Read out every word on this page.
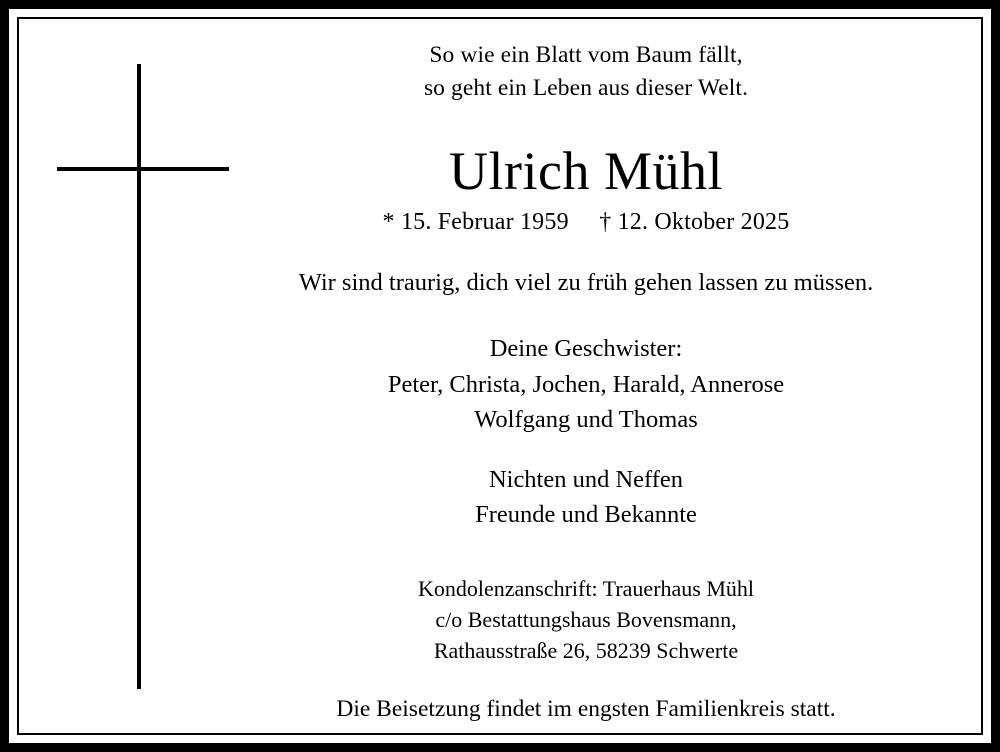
So wie ein Blatt vom Baum fällt,
so geht ein Leben aus dieser Welt.
Ulrich Mühl
* 15. Februar 1959 † 12. Oktober 2025
Wir sind traurig, dich viel zu früh gehen lassen zu müssen.
Deine Geschwister:
Peter, Christa, Jochen, Harald, Annerose
Wolfgang und Thomas
Nichten und Neffen
Freunde und Bekannte
Kondolenzanschrift: Trauerhaus Mühl
c/o Bestattungshaus Bovensmann,
Rathausstraße 26, 58239 Schwerte
Die Beisetzung findet im engsten Familienkreis statt.
